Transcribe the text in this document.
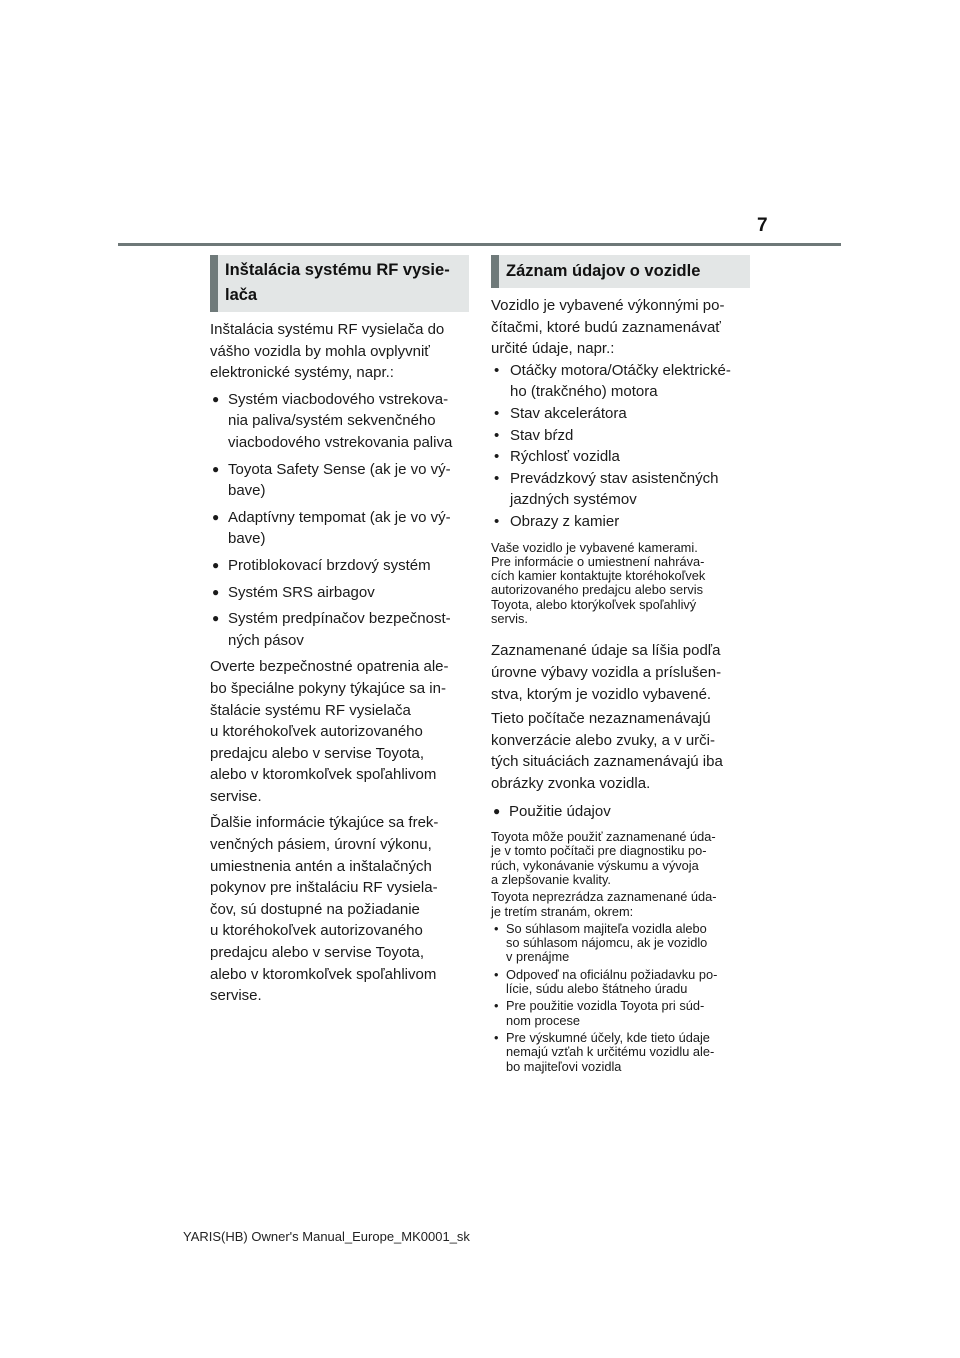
7
Inštalácia systému RF vysie-
lača
Inštalácia systému RF vysielača do
vášho vozidla by mohla ovplyvniť
elektronické systémy, napr.:
● Systém viacbodového vstrekova-
nia paliva/systém sekvenčného
viacbodového vstrekovania paliva
● Toyota Safety Sense (ak je vo vý-
bave)
● Adaptívny tempomat (ak je vo vý-
bave)
● Protiblokovací brzdový systém
● Systém SRS airbagov
● Systém predpínačov bezpečnost-
ných pásov
Overte bezpečnostné opatrenia ale-
bo špeciálne pokyny týkajúce sa in-
štalácie systému RF vysielača
u ktoréhokoľvek autorizovaného
predajcu alebo v servise Toyota,
alebo v ktoromkoľvek spoľahlivom
servise.
Ďalšie informácie týkajúce sa frek-
venčných pásiem, úrovní výkonu,
umiestnenia antén a inštalačných
pokynov pre inštaláciu RF vysiela-
čov, sú dostupné na požiadanie
u ktoréhokoľvek autorizovaného
predajcu alebo v servise Toyota,
alebo v ktoromkoľvek spoľahlivom
servise.
Záznam údajov o vozidle
Vozidlo je vybavené výkonnými po-
čítačmi, ktoré budú zaznamenávať
určité údaje, napr.:
• Otáčky motora/Otáčky elektrické-
ho (trakčného) motora
• Stav akcelerátora
• Stav bŕzd
• Rýchlosť vozidla
• Prevádzkový stav asistenčných
jazdných systémov
• Obrazy z kamier
Vaše vozidlo je vybavené kamerami.
Pre informácie o umiestnení nahráva-
cích kamier kontaktujte ktoréhokoľvek
autorizovaného predajcu alebo servis
Toyota, alebo ktorýkoľvek spoľahlivý
servis.
Zaznamenané údaje sa líšia podľa
úrovne výbavy vozidla a príslušen-
stva, ktorým je vozidlo vybavené.
Tieto počítače nezaznamenávajú
konverzácie alebo zvuky, a v urči-
tých situáciách zaznamenávajú iba
obrázky zvonka vozidla.
● Použitie údajov
Toyota môže použiť zaznamenané úda-
je v tomto počítači pre diagnostiku po-
rúch, vykonávanie výskumu a vývoja
a zlepšovanie kvality.
Toyota neprezrádza zaznamenané úda-
je tretím stranám, okrem:
• So súhlasom majiteľa vozidla alebo
so súhlasom nájomcu, ak je vozidlo
v prenájme
• Odpoveď na oficiálnu požiadavku po-
lície, súdu alebo štátneho úradu
• Pre použitie vozidla Toyota pri súd-
nom procese
• Pre výskumné účely, kde tieto údaje
nemajú vzťah k určitému vozidlu ale-
bo majiteľovi vozidla
YARIS(HB) Owner's Manual_Europe_MK0001_sk
